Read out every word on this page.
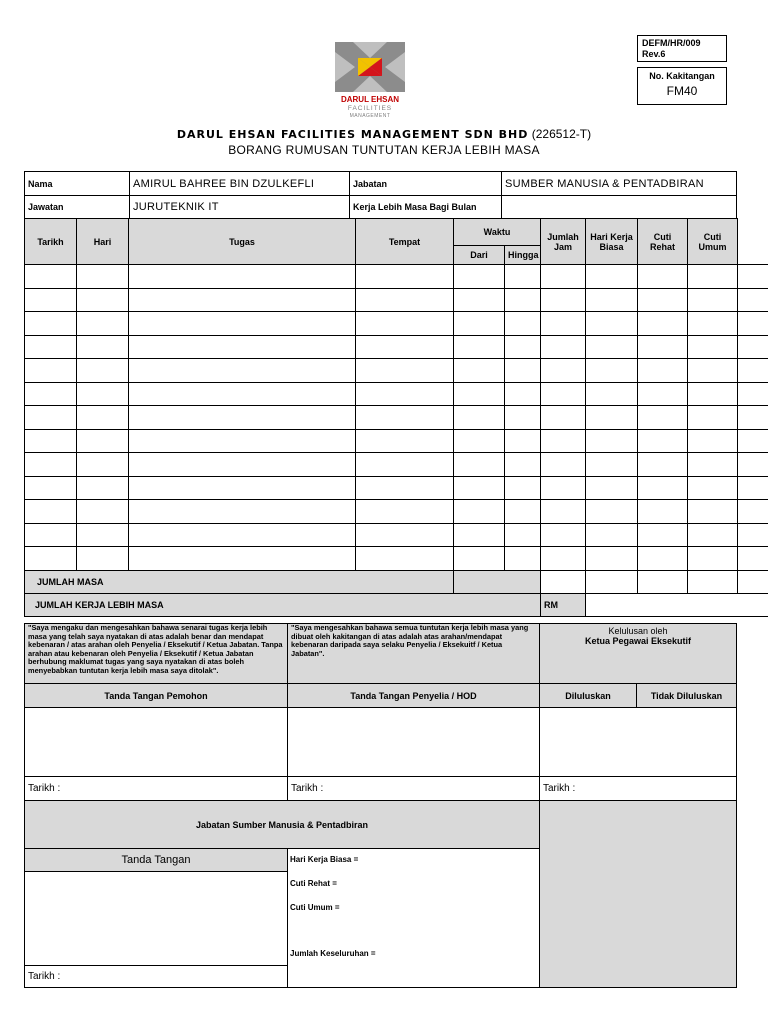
DEFM/HR/009
Rev.6
No. Kakitangan
FM40
DARUL EHSAN
FACILITIES
MANAGEMENT
DARUL EHSAN FACILITIES MANAGEMENT SDN BHD (226512-T)
BORANG RUMUSAN TUNTUTAN KERJA LEBIH MASA
Nama	AMIRUL BAHREE BIN DZULKEFLI	Jabatan	SUMBER MANUSIA & PENTADBIRAN
Jawatan	JURUTEKNIK IT	Kerja Lebih Masa Bagi Bulan	
Tarikh	Hari	Tugas	Tempat	Waktu		Jumlah Jam	Hari Kerja Biasa	Cuti Rehat	Cuti Umum	
				Dari	Hingga					

JUMLAH MASA										
JUMLAH KERJA LEBIH MASA						RM				
"Saya mengaku dan mengesahkan bahawa senarai tugas kerja lebih masa yang telah saya nyatakan di atas adalah benar dan mendapat kebenaran / atas arahan oleh Penyelia / Eksekutif / Ketua Jabatan. Tanpa arahan atau kebenaran oleh Penyelia / Eksekutif / Ketua Jabatan berhubung maklumat tugas yang saya nyatakan di atas boleh menyebabkan tuntutan kerja lebih masa saya ditolak".	"Saya mengesahkan bahawa semua tuntutan kerja lebih masa yang dibuat oleh kakitangan di atas adalah atas arahan/mendapat kebenaran daripada saya selaku Penyelia / Eksekuitf / Ketua Jabatan".	Kelulusan oleh
Ketua Pegawai Eksekutif	

Tanda Tangan Pemohon	Tanda Tangan Penyelia / HOD	Diluluskan	Tidak Diluluskan

Tarikh :	Tarikh :	Tarikh :	
Jabatan Sumber Manusia & Pentadbiran			
Tanda Tangan	Hari Kerja Biasa =
Cuti Rehat =
Cuti Umum =
Jumlah Keseluruhan =		

Tarikh :			
